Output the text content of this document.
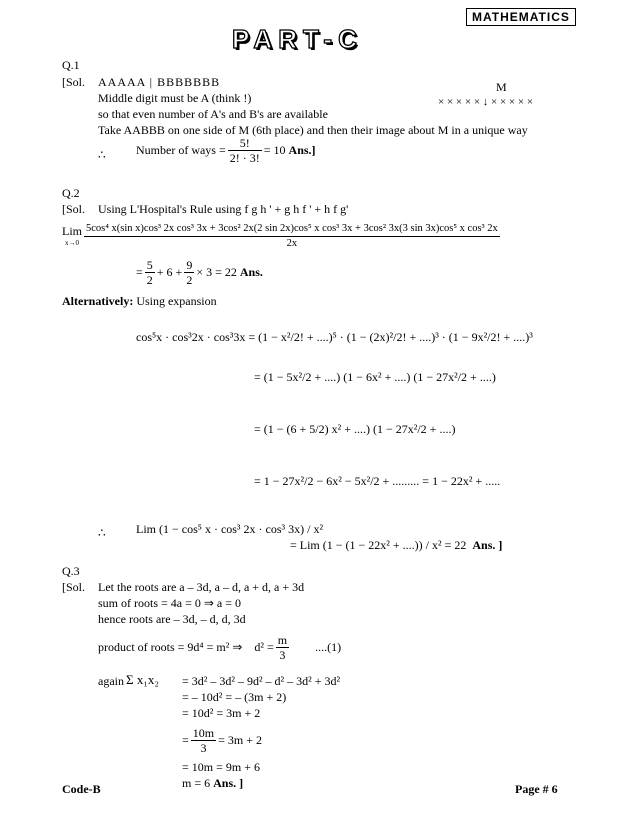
MATHEMATICS
PART-C
Q.1
[Sol. AAAAA | BBBBBBB
Middle digit must be A (think !)
so that even number of A's and B's are available
Take AABBB on one side of M (6th place) and then their image about M in a unique way
M
× × × × × ↓ × × × × ×
∴	Number of ways = $\frac{5!}{2! \cdot 3!} = 10$
Ans.]
Q.2
[Sol. Using L'Hospital's Rule using f g h ' + g h f ' + h f g'
Lim
x→0
5cos⁴ x(sin x)cos³ 2x cos³ 3x + 3cos² 2x(2 sin 2x)cos⁵ x cos³ 3x + 3cos² 3x(3 sin 3x)cos⁵ x cos³ 2x
2x
= $\frac{5}{2} + 6 + \frac{9}{2} \times 3 = 22$
Ans.
Alternatively: Using expansion
cos⁵x · cos³2x · cos³3x = (1 − x²/2! + ....)⁵ · (1 − (2x)²/2! + ....)³ · (1 − 9x²/2! + ....)³
= (1 − 5x²/2 + ....) (1 − 6x² + ....) (1 − 27x²/2 + ....)
= (1 − (6 + 5/2) x² + ....) (1 − 27x²/2 + ....)
= 1 − 27x²/2 − 6x² − 5x²/2 + ......... = 1 − 22x² + .....
∴	Lim (1 − cos⁵ x · cos³ 2x · cos³ 3x) / x²
= Lim (1 − (1 − 22x² + ....)) / x² = 22 Ans. ]
Q.3
[Sol. Let the roots are a – 3d, a – d, a + d, a + 3d
sum of roots = 4a = 0 ⇒ a = 0
hence roots are – 3d, – d, d, 3d
product of roots = 9d⁴ = m² ⇒
$d^2 = \frac{m}{3} ....(1)$
again Σ x₁x₂ = 3d² – 3d² – 9d² – d² – 3d² + 3d²
= – 10d² = – (3m + 2)
= 10d² = 3m + 2
= $\frac{10m}{3} = 3m + 2$
= 10m = 9m + 6
m = 6 Ans. ]
Code-B	Page # 6
